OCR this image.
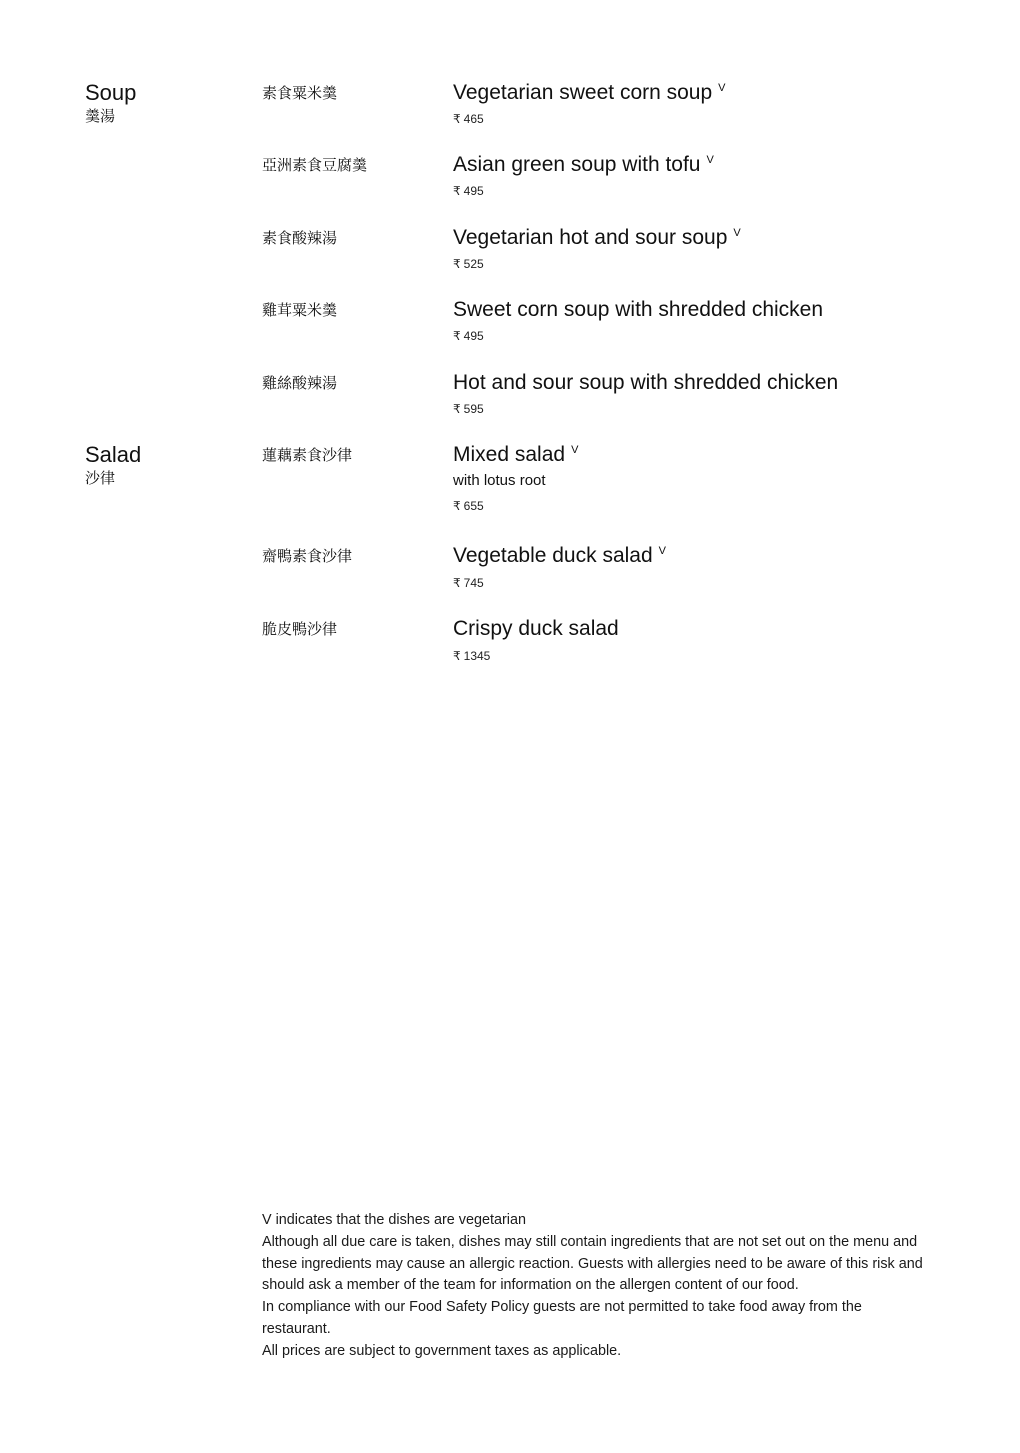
Soup
羹湯
素食粟米羹	Vegetarian sweet corn soup $^V$
₹ 465
亞洲素食豆腐羹	Asian green soup with tofu $^V$
₹ 495
素食酸辣湯	Vegetarian hot and sour soup $^V$
₹ 525
雞茸粟米羹	Sweet corn soup with shredded chicken
₹ 495
雞絲酸辣湯	Hot and sour soup with shredded chicken
₹ 595
Salad
沙律
蓮藕素食沙律	Mixed salad $^V$
with lotus root
₹ 655
齋鴨素食沙律	Vegetable duck salad $^V$
₹ 745
脆皮鴨沙律	Crispy duck salad
₹ 1345

V indicates that the dishes are vegetarian

Although all due care is taken, dishes may still contain ingredients that are not set out on the menu and these ingredients may cause an allergic reaction. Guests with allergies need to be aware of this risk and should ask a member of the team for information on the allergen content of our food.

In compliance with our Food Safety Policy guests are not permitted to take food away from the restaurant.

All prices are subject to government taxes as applicable.
